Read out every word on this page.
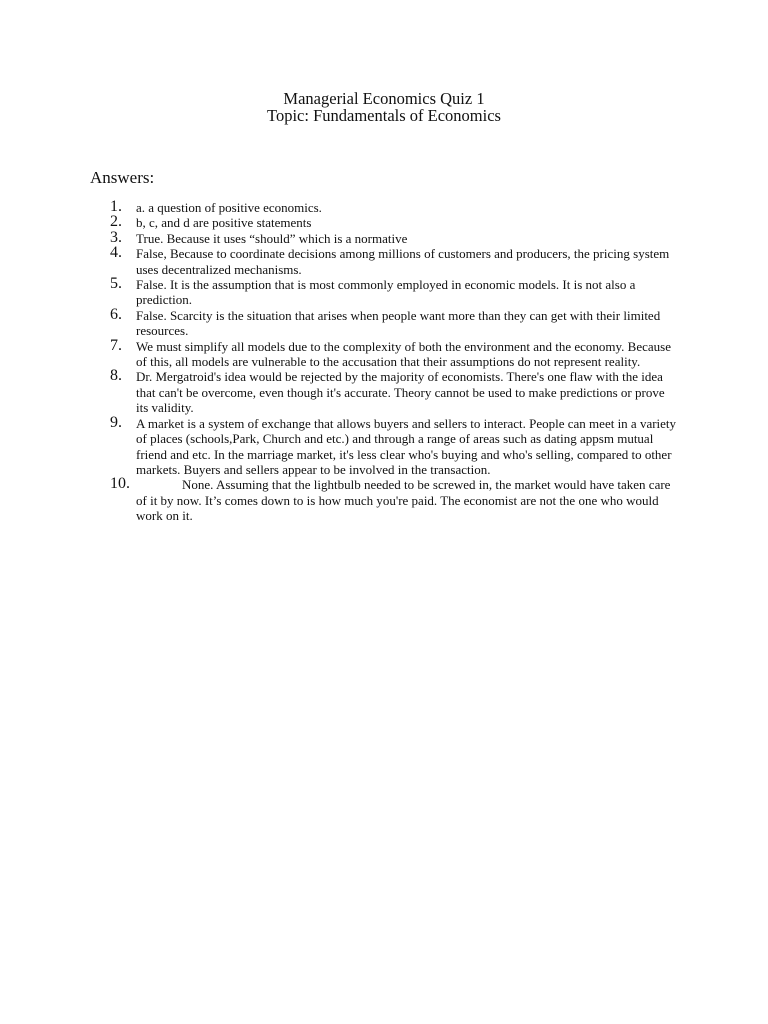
Managerial Economics Quiz 1
Topic: Fundamentals of Economics
Answers:
1. a. a question of positive economics.
2. b, c, and d are positive statements
3. True. Because it uses “should” which is a normative
4. False, Because to coordinate decisions among millions of customers and producers, the pricing system uses decentralized mechanisms.
5. False. It is the assumption that is most commonly employed in economic models. It is not also a prediction.
6. False. Scarcity is the situation that arises when people want more than they can get with their limited resources.
7. We must simplify all models due to the complexity of both the environment and the economy. Because of this, all models are vulnerable to the accusation that their assumptions do not represent reality.
8. Dr. Mergatroid's idea would be rejected by the majority of economists. There's one flaw with the idea that can't be overcome, even though it's accurate. Theory cannot be used to make predictions or prove its validity.
9. A market is a system of exchange that allows buyers and sellers to interact. People can meet in a variety of places (schools,Park, Church and etc.) and through a range of areas such as dating appsm mutual friend and etc. In the marriage market, it's less clear who's buying and who's selling, compared to other markets. Buyers and sellers appear to be involved in the transaction.
10.	None. Assuming that the lightbulb needed to be screwed in, the market would have taken care of it by now. It’s comes down to is how much you're paid. The economist are not the one who would work on it.
